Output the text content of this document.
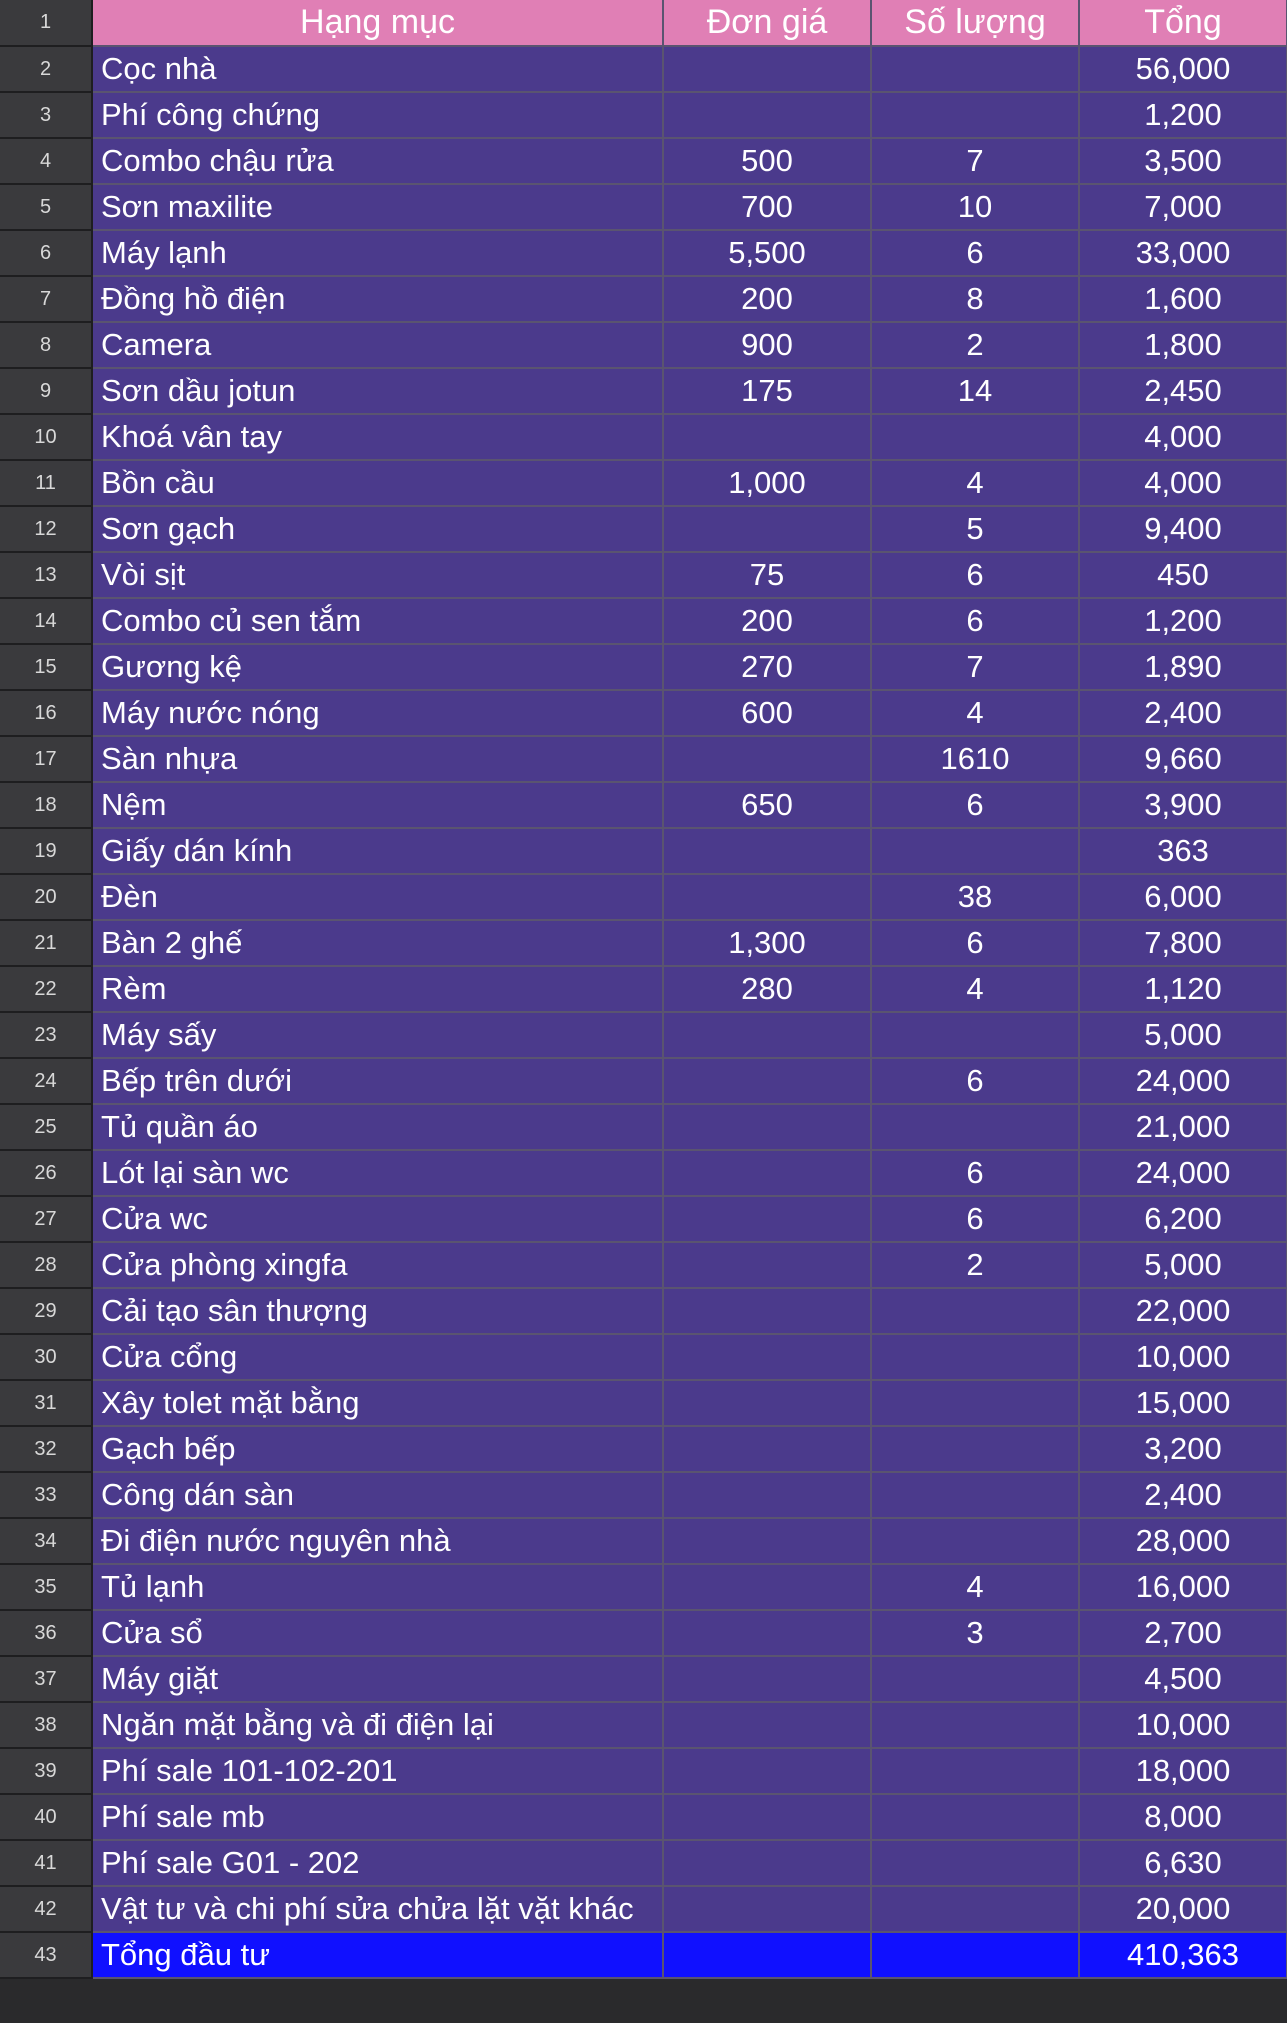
1	Hạng mục	Đơn giá	Số lượng	Tổng
2	Cọc nhà			56,000
3	Phí công chứng			1,200
4	Combo chậu rửa	500	7	3,500
5	Sơn maxilite	700	10	7,000
6	Máy lạnh	5,500	6	33,000
7	Đồng hồ điện	200	8	1,600
8	Camera	900	2	1,800
9	Sơn dầu jotun	175	14	2,450
10	Khoá vân tay			4,000
11	Bồn cầu	1,000	4	4,000
12	Sơn gạch		5	9,400
13	Vòi sịt	75	6	450
14	Combo củ sen tắm	200	6	1,200
15	Gương kệ	270	7	1,890
16	Máy nước nóng	600	4	2,400
17	Sàn nhựa		1610	9,660
18	Nệm	650	6	3,900
19	Giấy dán kính			363
20	Đèn		38	6,000
21	Bàn 2 ghế	1,300	6	7,800
22	Rèm	280	4	1,120
23	Máy sấy			5,000
24	Bếp trên dưới		6	24,000
25	Tủ quần áo			21,000
26	Lót lại sàn wc		6	24,000
27	Cửa wc		6	6,200
28	Cửa phòng xingfa		2	5,000
29	Cải tạo sân thượng			22,000
30	Cửa cổng			10,000
31	Xây tolet mặt bằng			15,000
32	Gạch bếp			3,200
33	Công dán sàn			2,400
34	Đi điện nước nguyên nhà			28,000
35	Tủ lạnh		4	16,000
36	Cửa sổ		3	2,700
37	Máy giặt			4,500
38	Ngăn mặt bằng và đi điện lại			10,000
39	Phí sale 101-102-201			18,000
40	Phí sale mb			8,000
41	Phí sale G01 - 202			6,630
42	Vật tư và chi phí sửa chửa lặt vặt khác			20,000
43	Tổng đầu tư			410,363
